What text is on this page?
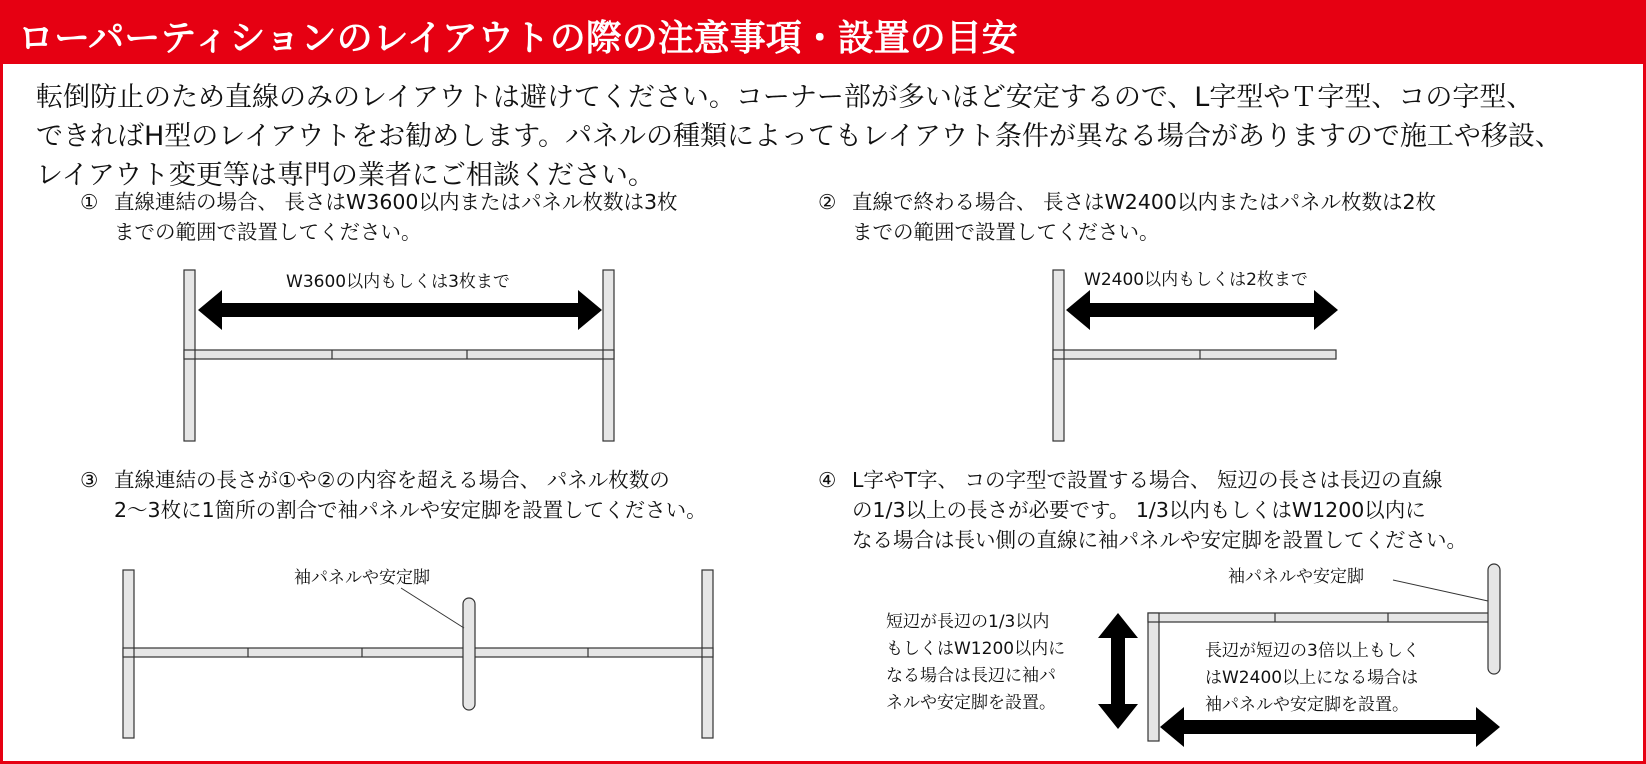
ローパーティションのレイアウトの際の注意事項・設置の目安
転倒防止のため直線のみのレイアウトは避けてください。コーナー部が多いほど安定するので、L字型やＴ字型、コの字型、
できればH型のレイアウトをお勧めします。パネルの種類によってもレイアウト条件が異なる場合がありますので施工や移設、
レイアウト変更等は専門の業者にご相談ください。
① 直線連結の場合、 長さはW3600以内またはパネル枚数は3枚
までの範囲で設置してください。
② 直線で終わる場合、 長さはW2400以内またはパネル枚数は2枚
までの範囲で設置してください。
③ 直線連結の長さが①や②の内容を超える場合、 パネル枚数の
2～3枚に1箇所の割合で袖パネルや安定脚を設置してください。
④ L字やT字、 コの字型で設置する場合、 短辺の長さは長辺の直線
の1/3以上の長さが必要です。 1/3以内もしくはW1200以内に
なる場合は長い側の直線に袖パネルや安定脚を設置してください。
W3600以内もしくは3枚まで	W2400以内もしくは2枚まで
袖パネルや安定脚	袖パネルや安定脚
短辺が長辺の1/3以内
もしくはW1200以内に
なる場合は長辺に袖パ
ネルや安定脚を設置。
長辺が短辺の3倍以上もしく
はW2400以上になる場合は
袖パネルや安定脚を設置。
